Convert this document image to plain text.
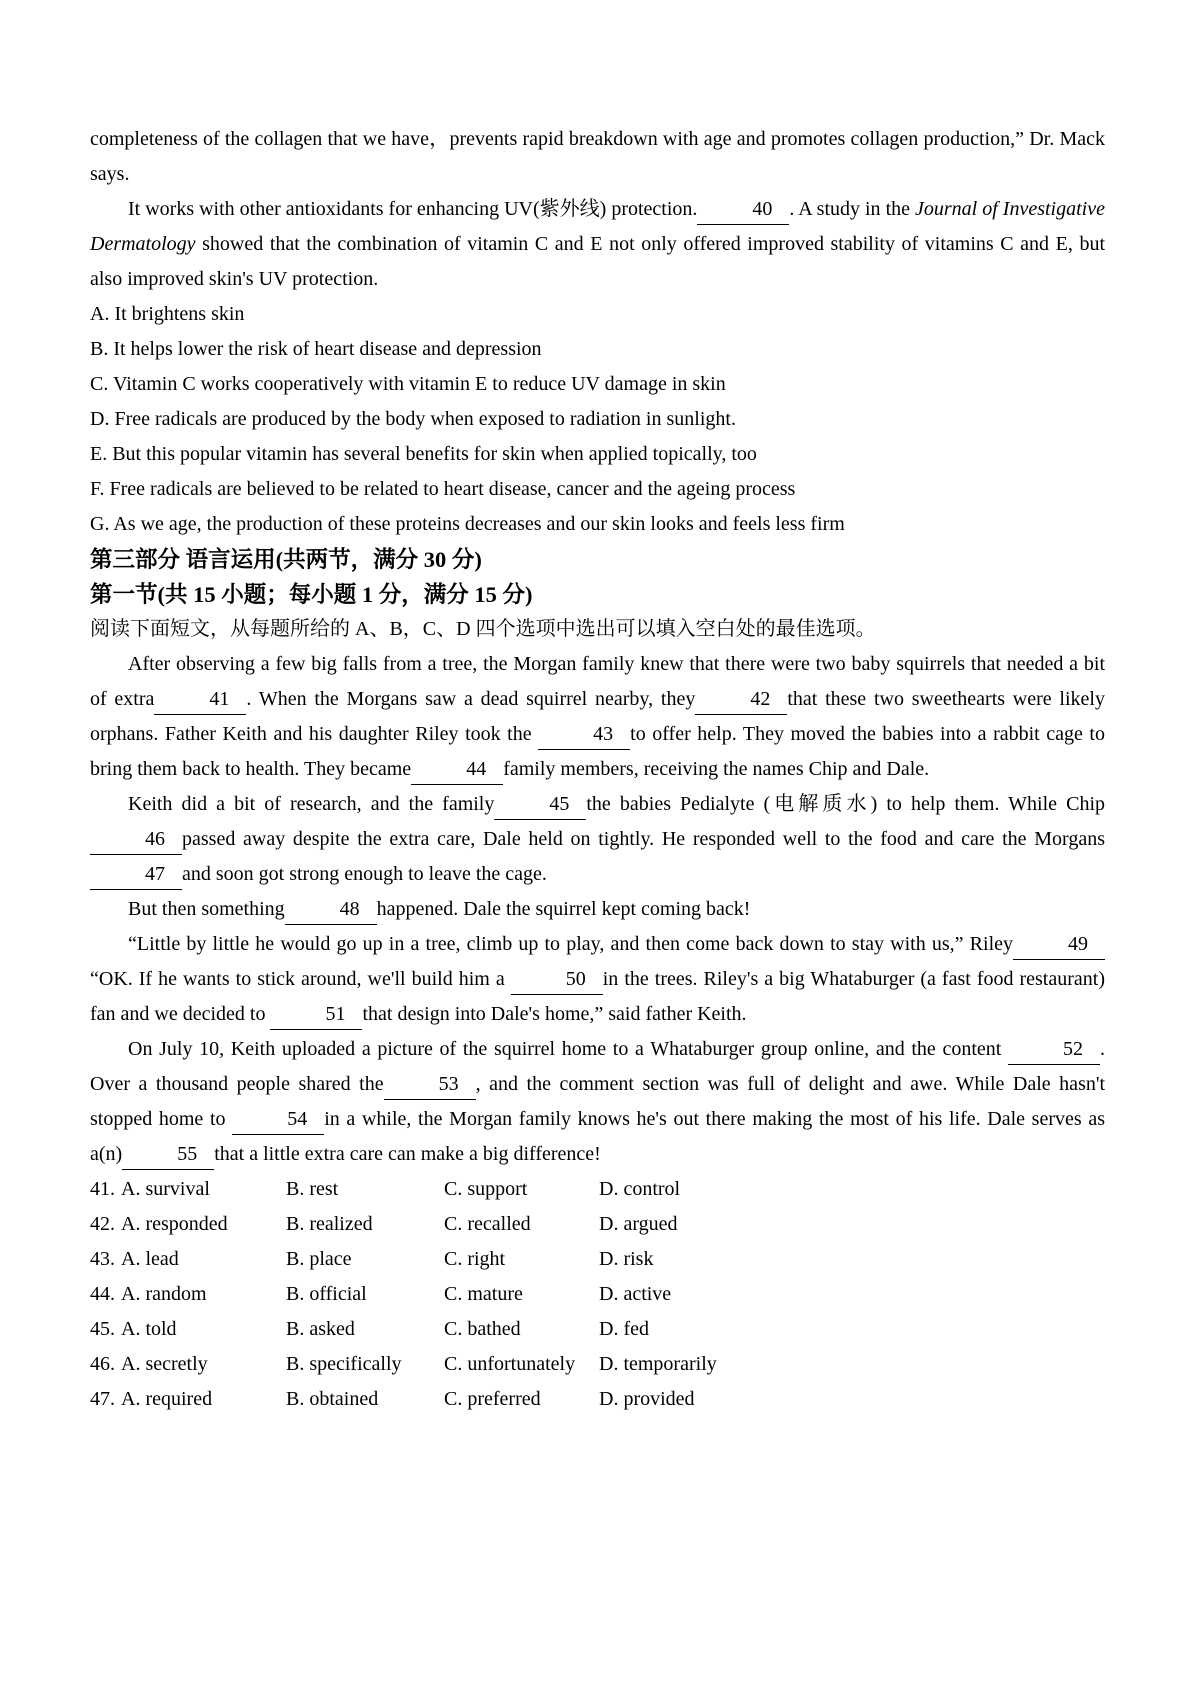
completeness of the collagen that we have，prevents rapid breakdown with age and promotes collagen production,” Dr. Mack says.

It works with other antioxidants for enhancing UV(紫外线) protection.	40 . A study in the Journal of Investigative Dermatology showed that the combination of vitamin C and E not only offered improved stability of vitamins C and E, but also improved skin's UV protection.

A. It brightens skin

B. It helps lower the risk of heart disease and depression

C. Vitamin C works cooperatively with vitamin E to reduce UV damage in skin

D. Free radicals are produced by the body when exposed to radiation in sunlight.

E. But this popular vitamin has several benefits for skin when applied topically, too

F. Free radicals are believed to be related to heart disease, cancer and the ageing process

G. As we age, the production of these proteins decreases and our skin looks and feels less firm

第三部分 语言运用(共两节，满分 30 分)

第一节(共 15 小题；每小题 1 分，满分 15 分)

阅读下面短文，从每题所给的 A、B，C、D 四个选项中选出可以填入空白处的最佳选项。

After observing a few big falls from a tree, the Morgan family knew that there were two baby squirrels that needed a bit of extra	41 . When the Morgans saw a dead squirrel nearby, they	42 that these two sweethearts were likely orphans. Father Keith and his daughter Riley took the	43 to offer help. They moved the babies into a rabbit cage to bring them back to health. They became	44 family members, receiving the names Chip and Dale.

Keith did a bit of research, and the family	45 the babies Pedialyte (电解质水) to help them. While Chip 46 passed away despite the extra care, Dale held on tightly. He responded well to the food and care the Morgans 47 and soon got strong enough to leave the cage.

But then something	48 happened. Dale the squirrel kept coming back!

“Little by little he would go up in a tree, climb up to play, and then come back down to stay with us,” Riley	49 “OK. If he wants to stick around, we'll build him a	50 in the trees. Riley's a big Whataburger (a fast food restaurant) fan and we decided to	51 that design into Dale's home,” said father Keith.

On July 10, Keith uploaded a picture of the squirrel home to a Whataburger group online, and the content	52 . Over a thousand people shared the	53 , and the comment section was full of delight and awe. While Dale hasn't stopped home to	54 in a while, the Morgan family knows he's out there making the most of his life. Dale serves as a(n)	55 that a little extra care can make a big difference!

41. A. survival	B. rest	C. support	D. control
42. A. responded	B. realized	C. recalled	D. argued
43. A. lead	B. place	C. right	D. risk
44. A. random	B. official	C. mature	D. active
45. A. told	B. asked	C. bathed	D. fed
46. A. secretly	B. specifically	C. unfortunately	D. temporarily
47. A. required	B. obtained	C. preferred	D. provided
